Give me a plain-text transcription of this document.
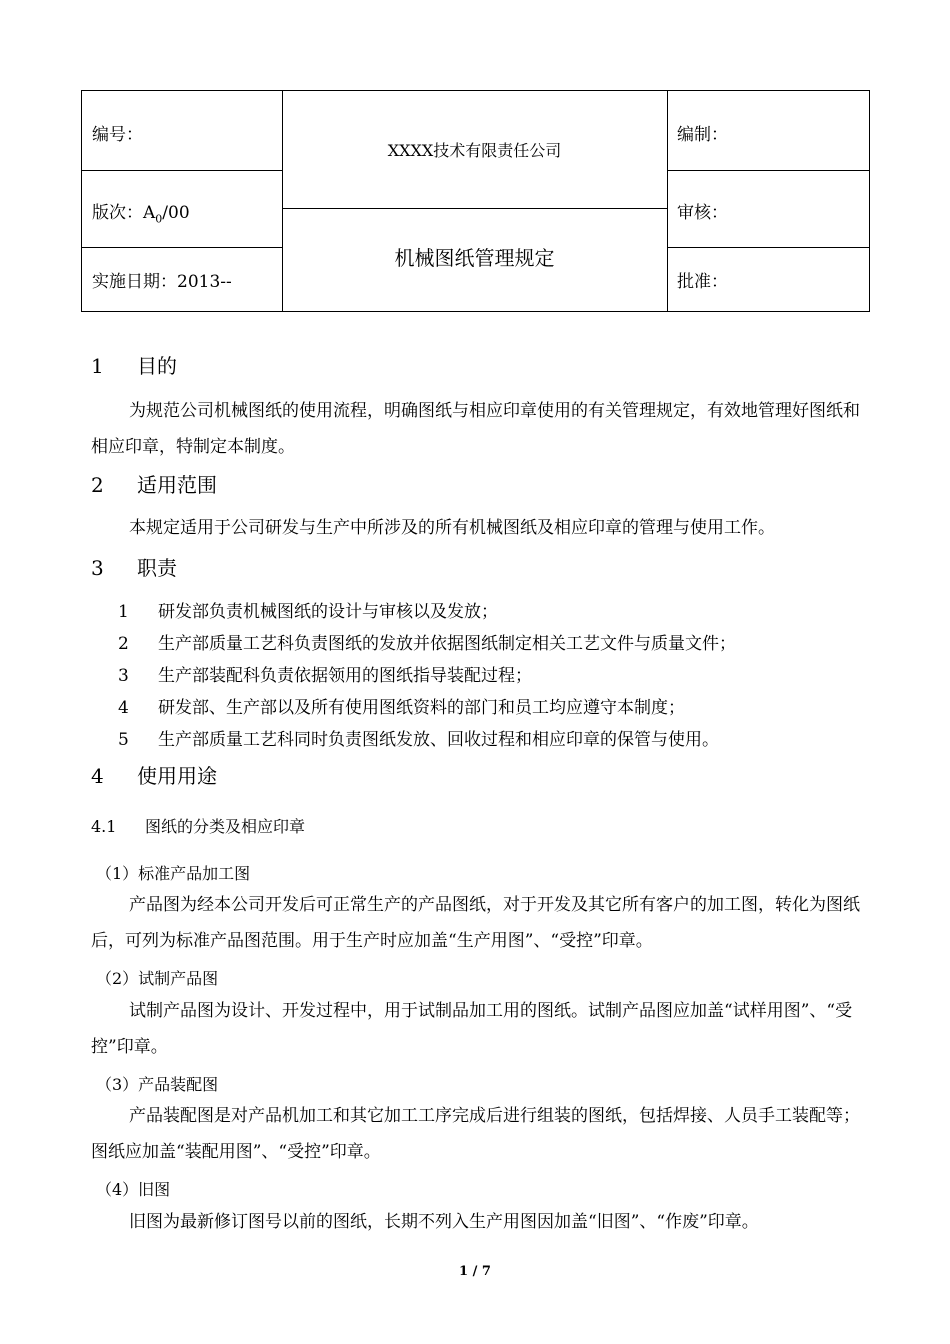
编号：
版次：$A_0/00$
实施日期：2013--
XXXX技术有限责任公司
机械图纸管理规定
编制：
审核：
批准：
1 目的
为规范公司机械图纸的使用流程，明确图纸与相应印章使用的有关管理规定，有效地管理好图纸和相应印章，特制定本制度。
2 适用范围
本规定适用于公司研发与生产中所涉及的所有机械图纸及相应印章的管理与使用工作。
3 职责
1 研发部负责机械图纸的设计与审核以及发放；
2 生产部质量工艺科负责图纸的发放并依据图纸制定相关工艺文件与质量文件；
3 生产部装配科负责依据领用的图纸指导装配过程；
4 研发部、生产部以及所有使用图纸资料的部门和员工均应遵守本制度；
5 生产部质量工艺科同时负责图纸发放、回收过程和相应印章的保管与使用。
4 使用用途
4.1 图纸的分类及相应印章
（1）标准产品加工图
产品图为经本公司开发后可正常生产的产品图纸，对于开发及其它所有客户的加工图，转化为图纸后，可列为标准产品图范围。用于生产时应加盖“生产用图”、“受控”印章。
（2）试制产品图
试制产品图为设计、开发过程中，用于试制品加工用的图纸。试制产品图应加盖“试样用图”、“受控”印章。
（3）产品装配图
产品装配图是对产品机加工和其它加工工序完成后进行组装的图纸，包括焊接、人员手工装配等；图纸应加盖“装配用图”、“受控”印章。
（4）旧图
旧图为最新修订图号以前的图纸，长期不列入生产用图因加盖“旧图”、“作废”印章。
1 / 7
